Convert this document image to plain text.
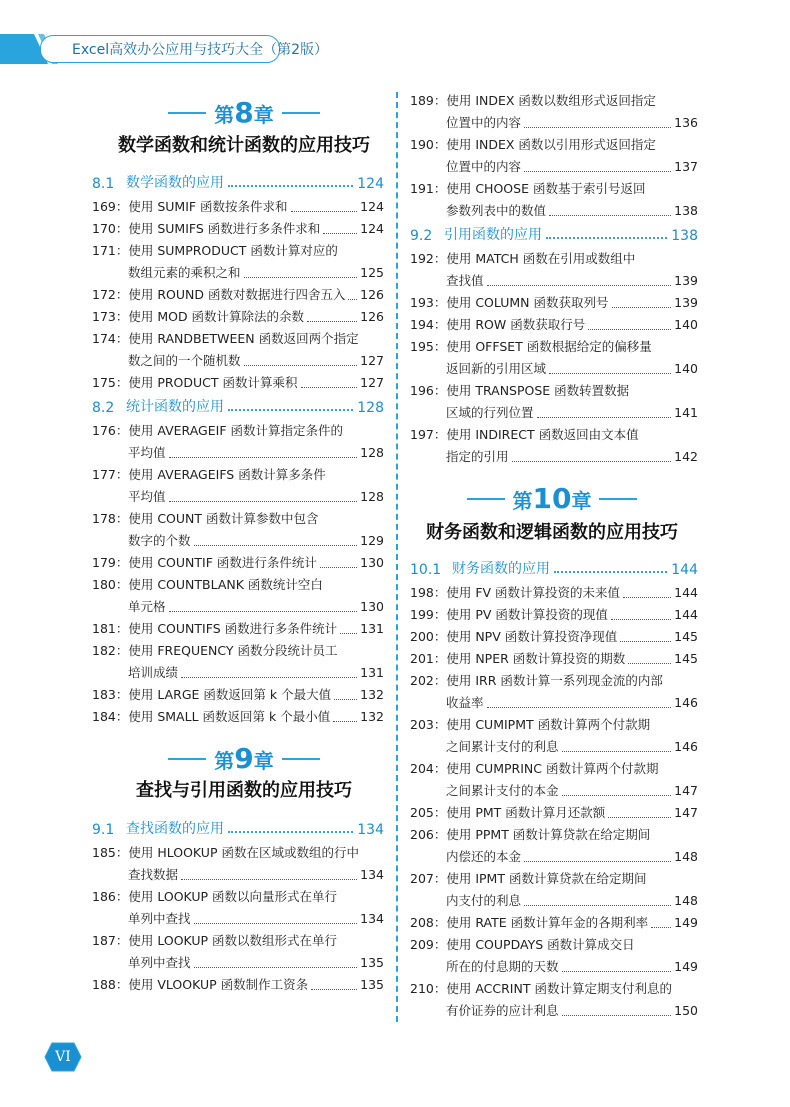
Excel高效办公应用与技巧大全（第2版）
第8章
数学函数和统计函数的应用技巧
8.1 数学函数的应用	124
169：使用 SUMIF 函数按条件求和	124
170：使用 SUMIFS 函数进行多条件求和	124
171：使用 SUMPRODUCT 函数计算对应的
数组元素的乘积之和	125
172：使用 ROUND 函数对数据进行四舍五入 126
173：使用 MOD 函数计算除法的余数	126
174：使用 RANDBETWEEN 函数返回两个指定
数之间的一个随机数	127
175：使用 PRODUCT 函数计算乘积	127
8.2 统计函数的应用	128
176：使用 AVERAGEIF 函数计算指定条件的
平均值	128
177：使用 AVERAGEIFS 函数计算多条件
平均值	128
178：使用 COUNT 函数计算参数中包含
数字的个数	129
179：使用 COUNTIF 函数进行条件统计	130
180：使用 COUNTBLANK 函数统计空白
单元格	130
181：使用 COUNTIFS 函数进行多条件统计 131
182：使用 FREQUENCY 函数分段统计员工
培训成绩	131
183：使用 LARGE 函数返回第 k 个最大值 132
184：使用 SMALL 函数返回第 k 个最小值 132
第9章
查找与引用函数的应用技巧
9.1 查找函数的应用	134
185：使用 HLOOKUP 函数在区域或数组的行中
查找数据	134
186：使用 LOOKUP 函数以向量形式在单行
单列中查找	134
187：使用 LOOKUP 函数以数组形式在单行
单列中查找	135
188：使用 VLOOKUP 函数制作工资条	135
189：使用 INDEX 函数以数组形式返回指定
位置中的内容	136
190：使用 INDEX 函数以引用形式返回指定
位置中的内容	137
191：使用 CHOOSE 函数基于索引号返回
参数列表中的数值	138
9.2 引用函数的应用	138
192：使用 MATCH 函数在引用或数组中
查找值	139
193：使用 COLUMN 函数获取列号	139
194：使用 ROW 函数获取行号	140
195：使用 OFFSET 函数根据给定的偏移量
返回新的引用区域	140
196：使用 TRANSPOSE 函数转置数据
区域的行列位置	141
197：使用 INDIRECT 函数返回由文本值
指定的引用	142
第10章
财务函数和逻辑函数的应用技巧
10.1 财务函数的应用	144
198：使用 FV 函数计算投资的未来值	144
199：使用 PV 函数计算投资的现值	144
200：使用 NPV 函数计算投资净现值	145
201：使用 NPER 函数计算投资的期数	145
202：使用 IRR 函数计算一系列现金流的内部
收益率	146
203：使用 CUMIPMT 函数计算两个付款期
之间累计支付的利息	146
204：使用 CUMPRINC 函数计算两个付款期
之间累计支付的本金	147
205：使用 PMT 函数计算月还款额	147
206：使用 PPMT 函数计算贷款在给定期间
内偿还的本金	148
207：使用 IPMT 函数计算贷款在给定期间
内支付的利息	148
208：使用 RATE 函数计算年金的各期利率 149
209：使用 COUPDAYS 函数计算成交日
所在的付息期的天数	149
210：使用 ACCRINT 函数计算定期支付利息的
有价证券的应计利息	150
VI
